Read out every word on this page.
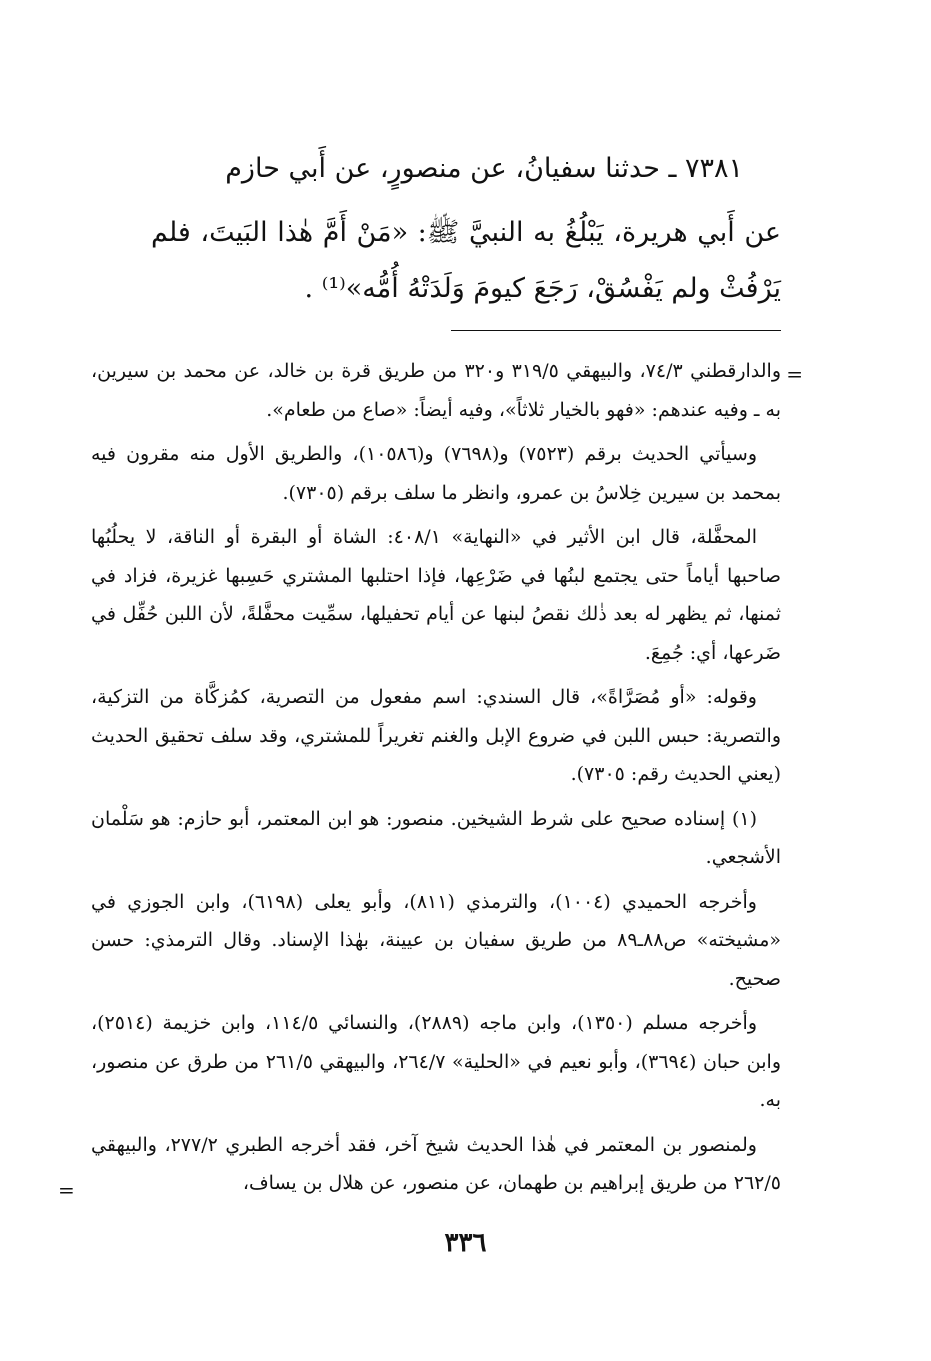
٧٣٨١ ـ حدثنا سفيانُ، عن منصورٍ، عن أَبي حازم
عن أَبي هريرة، يَبْلُغُ به النبيَّ ﷺ: «مَنْ أَمَّ هٰذا البَيتَ، فلم يَرْفُثْ ولم يَفْسُقْ، رَجَعَ كيومَ وَلَدَتْهُ أُمُّه»⁽¹⁾ .
=

والدارقطني ٧٤/٣، والبيهقي ٣١٩/٥ و٣٢٠ من طريق قرة بن خالد، عن محمد بن سيرين، به ـ وفيه عندهم: «فهو بالخيار ثلاثاً»، وفيه أيضاً: «صاع من طعام».

وسيأتي الحديث برقم (٧٥٢٣) و(٧٦٩٨) و(١٠٥٨٦)، والطريق الأول منه مقرون فيه بمحمد بن سيرين خِلاسُ بن عمرو، وانظر ما سلف برقم (٧٣٠٥).

المحفَّلة، قال ابن الأثير في «النهاية» ٤٠٨/١: الشاة أو البقرة أو الناقة، لا يحلُبُها صاحبها أياماً حتى يجتمع لبنُها في ضَرْعِها، فإذا احتلبها المشتري حَسِبها غزيرة، فزاد في ثمنها، ثم يظهر له بعد ذٰلك نقصُ لبنها عن أيام تحفيلها، سمِّيت محفَّلةً، لأن اللبن حُفِّل في ضَرعها، أي: جُمِعَ.

وقوله: «أو مُصَرَّاةً»، قال السندي: اسم مفعول من التصرية، كمُزكَّاة من التزكية، والتصرية: حبس اللبن في ضروع الإبل والغنم تغريراً للمشتري، وقد سلف تحقيق الحديث (يعني الحديث رقم: ٧٣٠٥).

(١) إسناده صحيح على شرط الشيخين. منصور: هو ابن المعتمر، أبو حازم: هو سَلْمان الأشجعي.

وأخرجه الحميدي (١٠٠٤)، والترمذي (٨١١)، وأبو يعلى (٦١٩٨)، وابن الجوزي في «مشيخته» ص٨٨ـ٨٩ من طريق سفيان بن عيينة، بهٰذا الإسناد. وقال الترمذي: حسن صحيح.

وأخرجه مسلم (١٣٥٠)، وابن ماجه (٢٨٨٩)، والنسائي ١١٤/٥، وابن خزيمة (٢٥١٤)، وابن حبان (٣٦٩٤)، وأبو نعيم في «الحلية» ٢٦٤/٧، والبيهقي ٢٦١/٥ من طرق عن منصور، به.

ولمنصور بن المعتمر في هٰذا الحديث شيخ آخر، فقد أخرجه الطبري ٢٧٧/٢، والبيهقي ٢٦٢/٥ من طريق إبراهيم بن طهمان، عن منصور، عن هلال بن يساف،

=
٣٣٦
